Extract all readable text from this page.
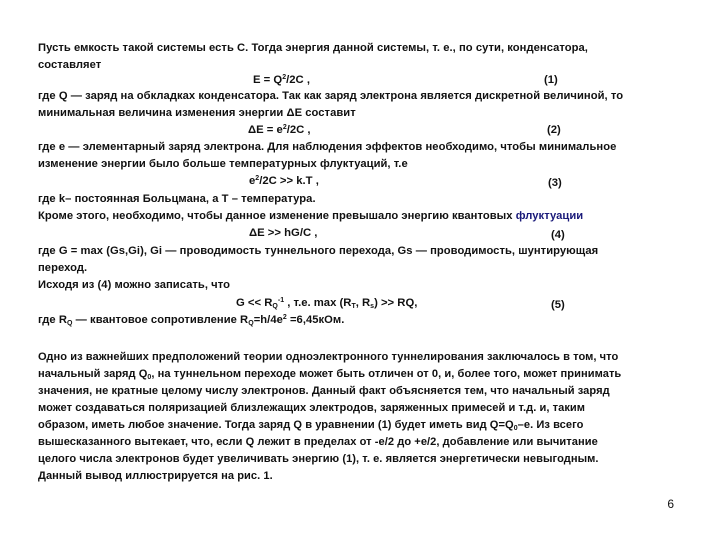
Пусть емкость такой системы есть С. Тогда энергия данной системы, т. е., по сути, конденсатора,
составляет
$E = Q^2/2C$ ,	(1)
где Q — заряд на обкладках конденсатора. Так как заряд электрона является дискретной величиной, то
минимальная величина изменения энергии ΔE составит
$\Delta E = e^2/2C$ ,	(2)
где e — элементарный заряд электрона. Для наблюдения эффектов необходимо, чтобы минимальное
изменение энергии было больше температурных флуктуаций, т.е
$e^2/2C >> k.T$ ,	(3)
где k– постоянная Больцмана, а T – температура.
Кроме этого, необходимо, чтобы данное изменение превышало энергию квантовых флуктуации
ΔE >> hG/C ,	(4)
где G = max (Gs,Gi), Gi — проводимость туннельного перехода, Gs — проводимость, шунтирующая
переход.
Исходя из (4) можно записать, что
$G << R_Q^{-1}$ , т.е. $\max (R_T$, $R_s$) >> RQ,	(5)
где $R_Q$ — квантовое сопротивление $R_Q=h/4e^2 =6,45кОм$.
Одно из важнейших предположений теории одноэлектронного туннелирования заключалось в том, что
начальный заряд $Q_0$, на туннельном переходе может быть отличен от 0, и, более того, может принимать
значения, не кратные целому числу электронов. Данный факт объясняется тем, что начальный заряд
может создаваться поляризацией близлежащих электродов, заряженных примесей и т.д. и, таким
образом, иметь любое значение. Тогда заряд Q в уравнении (1) будет иметь вид $Q=Q_0-e$. Из всего
вышесказанного вытекает, что, если Q лежит в пределах от -e/2 до +e/2, добавление или вычитание
целого числа электронов будет увеличивать энергию (1), т. е. является энергетически невыгодным.
Данный вывод иллюстрируется на рис. 1.
6
